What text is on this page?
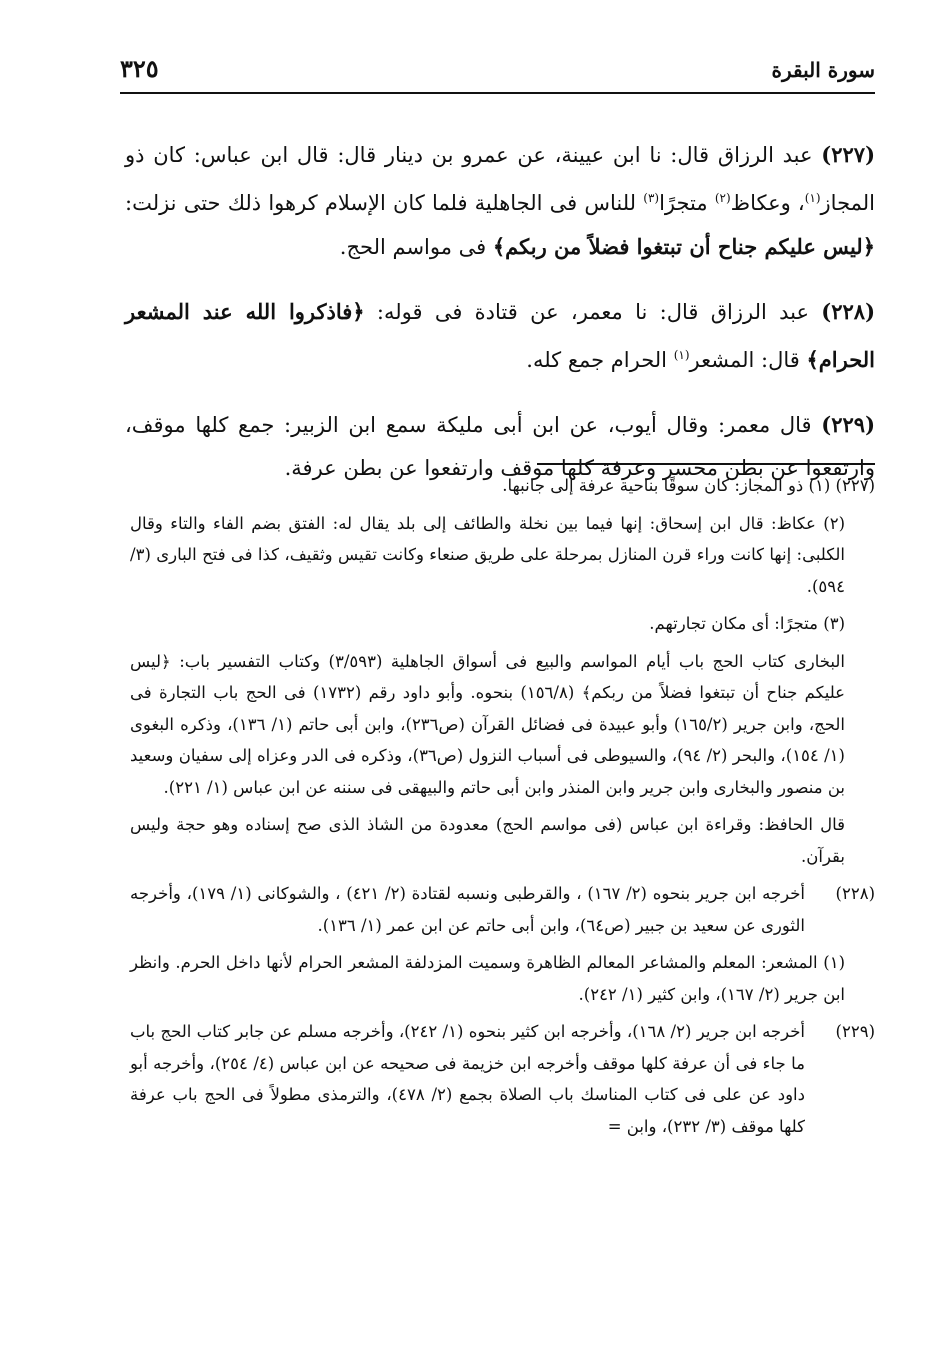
سورة البقرة
٣٢٥

(٢٢٧) عبد الرزاق قال: نا ابن عيينة، عن عمرو بن دينار قال: قال ابن عباس: كان ذو المجاز$^{(١)}$، وعكاظ$^{(٢)}$ متجرًا$^{(٣)}$ للناس فى الجاهلية فلما كان الإسلام كرهوا ذلك حتى نزلت: ﴿ليس عليكم جناح أن تبتغوا فضلاً من ربكم﴾ فى مواسم الحج.

(٢٢٨) عبد الرزاق قال: نا معمر، عن قتادة فى قوله: ﴿فاذكروا الله عند المشعر الحرام﴾ قال: المشعر$^{(١)}$ الحرام جمع كله.

(٢٢٩) قال معمر: وقال أيوب، عن ابن أبى مليكة سمع ابن الزبير: جمع كلها موقف، وارتفعوا عن بطن محسر وعرفة كلها موقف وارتفعوا عن بطن عرفة.

(٢٢٧) (١) ذو المجاز: كان سوقًا بناحية عرفة إلى جانبها.
(٢) عكاظ: قال ابن إسحاق: إنها فيما بين نخلة والطائف إلى بلد يقال له: الفتق بضم الفاء والتاء وقال الكلبى: إنها كانت وراء قرن المنازل بمرحلة على طريق صنعاء وكانت تقيس وثقيف، كذا فى فتح البارى (٣/ ٥٩٤).
(٣) متجرًا: أى مكان تجارتهم.
البخارى كتاب الحج باب أيام المواسم والبيع فى أسواق الجاهلية (٣/٥٩٣) وكتاب التفسير باب: ﴿ليس عليكم جناح أن تبتغوا فضلاً من ربكم﴾ (١٥٦/٨) بنحوه. وأبو داود رقم (١٧٣٢) فى الحج باب التجارة فى الحج، وابن جرير (١٦٥/٢) وأبو عبيدة فى فضائل القرآن (ص٢٣٦)، وابن أبى حاتم (١/ ١٣٦)، وذكره البغوى (١/ ١٥٤)، والبحر (٢/ ٩٤)، والسيوطى فى أسباب النزول (ص٣٦)، وذكره فى الدر وعزاه إلى سفيان وسعيد بن منصور والبخارى وابن جرير وابن المنذر وابن أبى حاتم والبيهقى فى سننه عن ابن عباس (١/ ٢٢١).
قال الحافظ: وقراءة ابن عباس (فى مواسم الحج) معدودة من الشاذ الذى صح إسناده وهو حجة وليس بقرآن.
(٢٢٨)
أخرجه ابن جرير بنحوه (٢/ ١٦٧) ، والقرطبى ونسبه لقتادة (٢/ ٤٢١) ، والشوكانى (١/ ١٧٩)، وأخرجه الثورى عن سعيد بن جبير (ص٦٤)، وابن أبى حاتم عن ابن عمر (١/ ١٣٦).
(١) المشعر: المعلم والمشاعر المعالم الظاهرة وسميت المزدلفة المشعر الحرام لأنها داخل الحرم. وانظر ابن جرير (٢/ ١٦٧)، وابن كثير (١/ ٢٤٢).
(٢٢٩)
أخرجه ابن جرير (٢/ ١٦٨)، وأخرجه ابن كثير بنحوه (١/ ٢٤٢)، وأخرجه مسلم عن جابر كتاب الحج باب ما جاء فى أن عرفة كلها موقف وأخرجه ابن خزيمة فى صحيحه عن ابن عباس (٤/ ٢٥٤)، وأخرجه أبو داود عن على فى كتاب المناسك باب الصلاة بجمع (٢/ ٤٧٨)، والترمذى مطولاً فى الحج باب عرفة كلها موقف (٣/ ٢٣٢)، وابن =
